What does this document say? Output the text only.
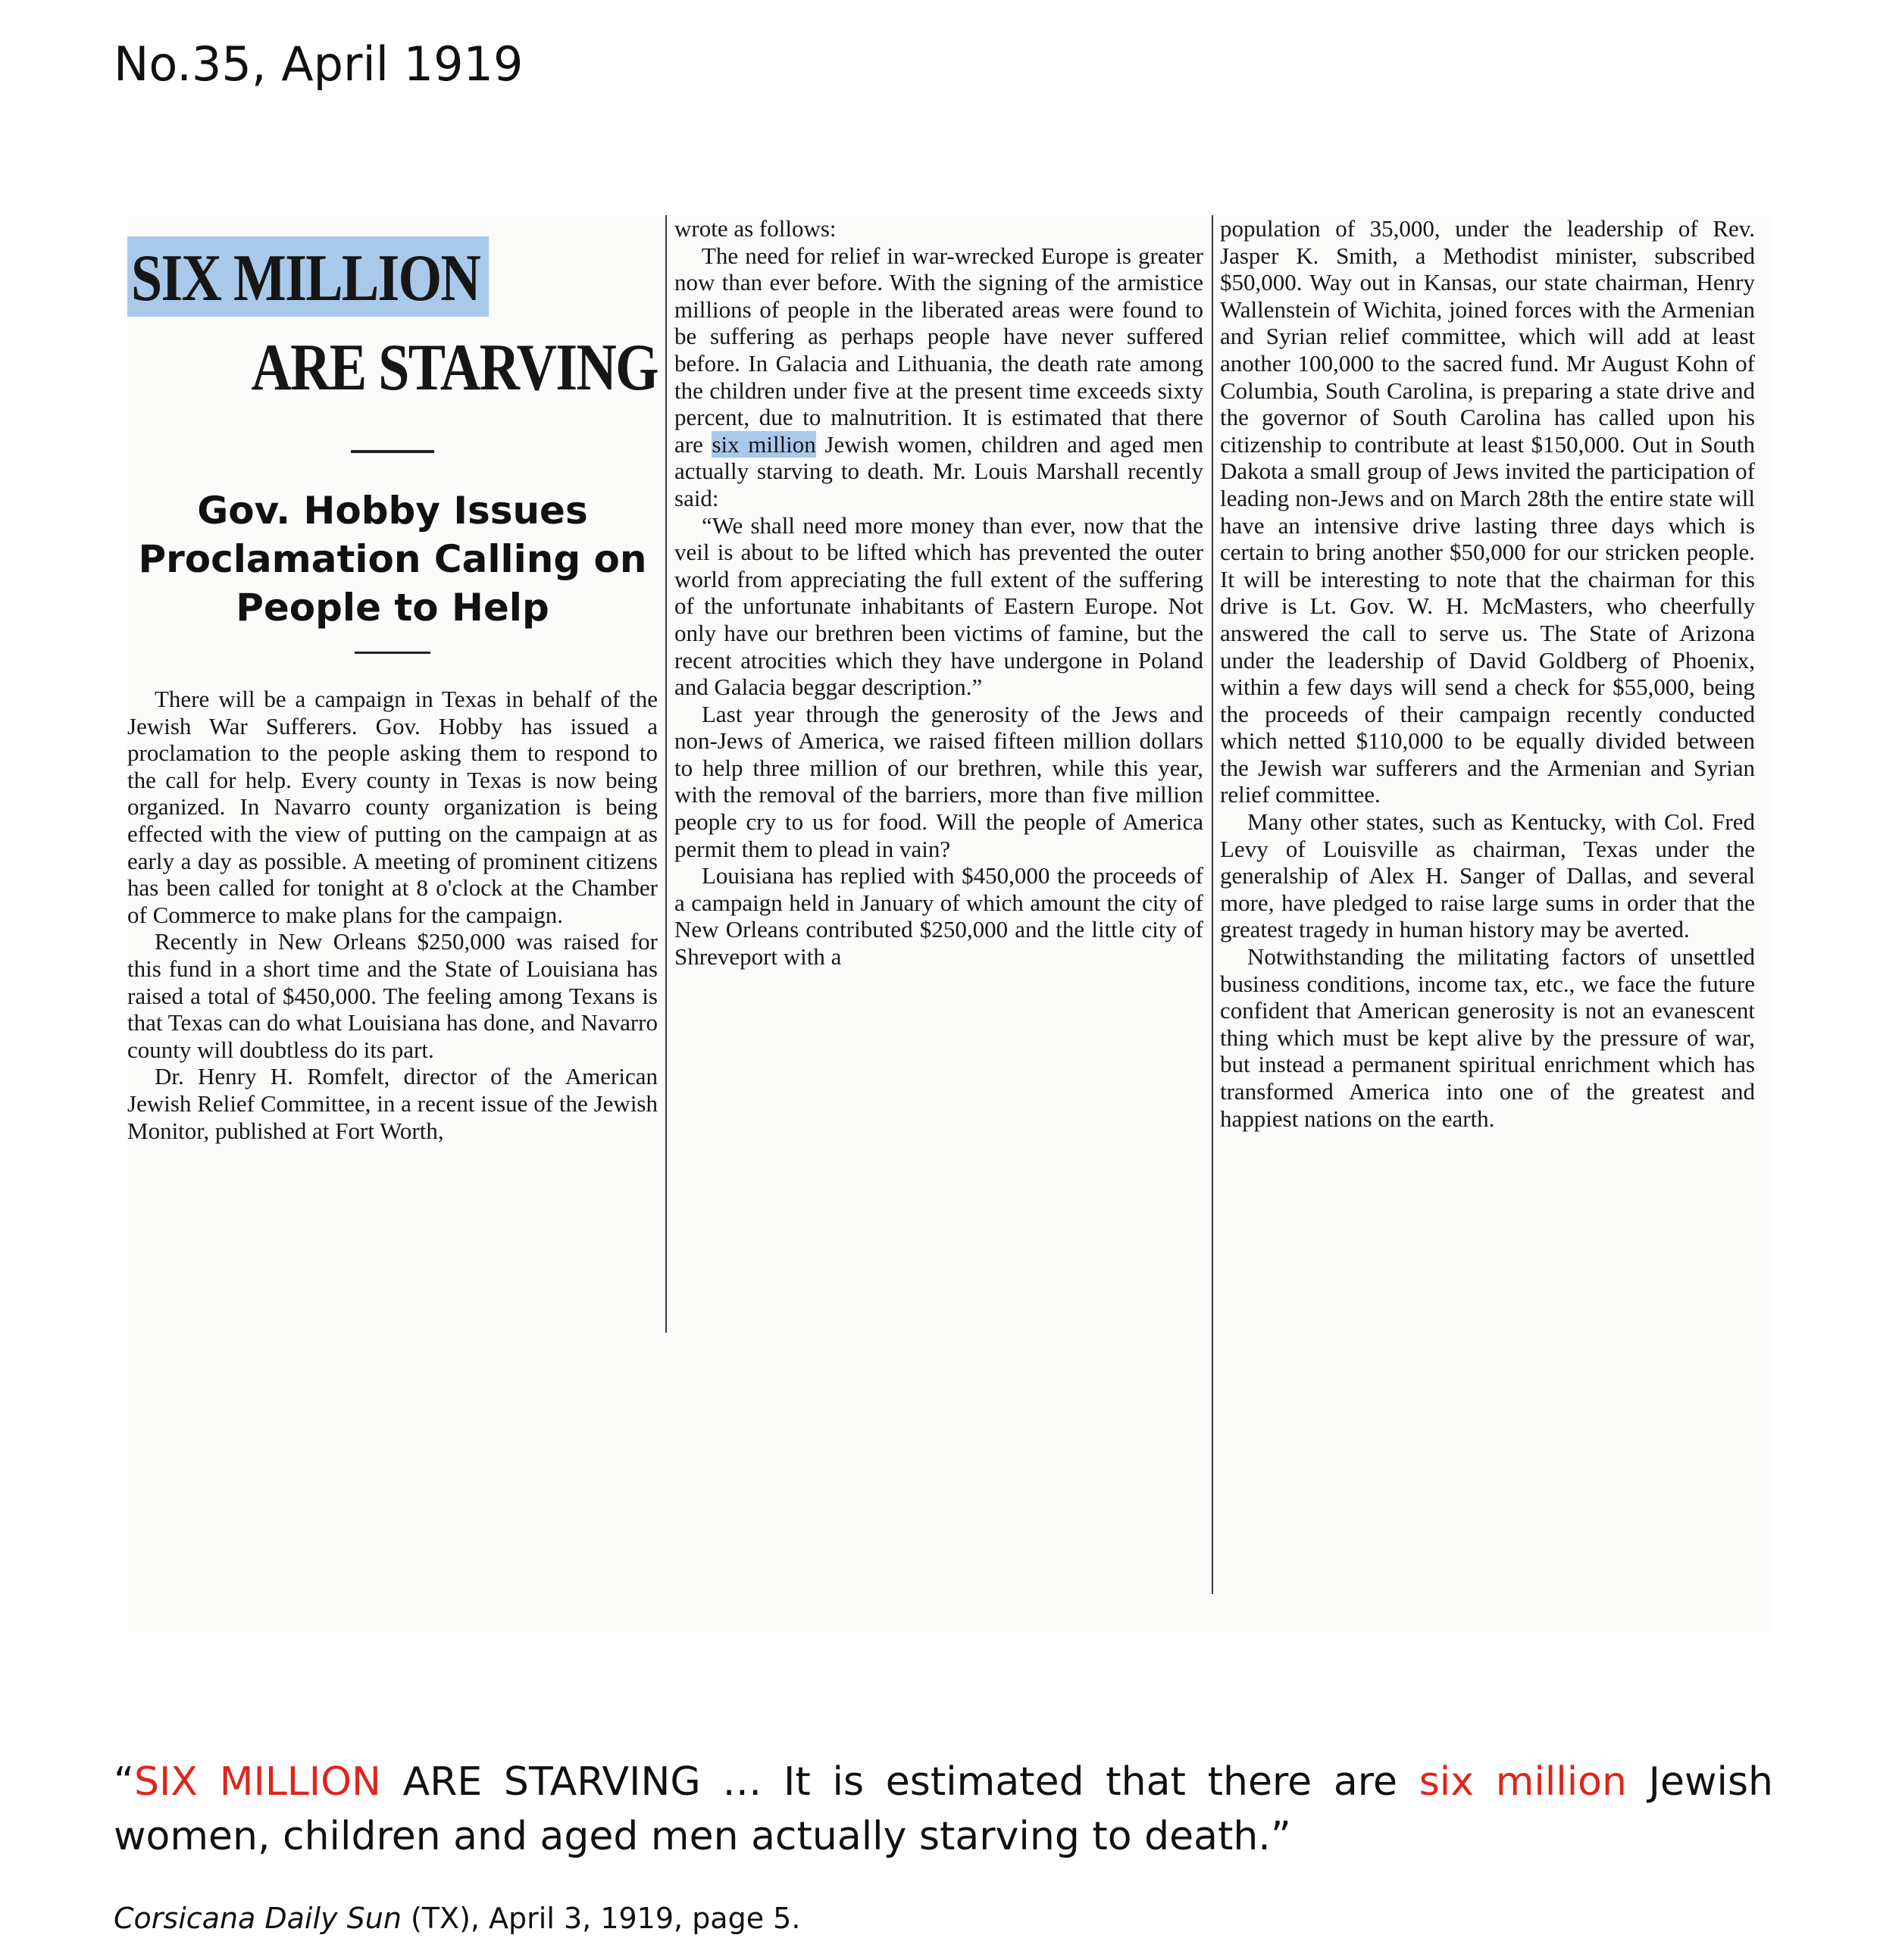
No.35, April 1919
SIX MILLION
ARE STARVING
Gov. Hobby Issues Proclamation Calling on People to Help

There will be a campaign in Texas in behalf of the Jewish War Sufferers. Gov. Hobby has issued a proclamation to the people asking them to respond to the call for help. Every county in Texas is now being organized. In Navarro county organization is being effected with the view of putting on the campaign at as early a day as possible. A meeting of prominent citizens has been called for tonight at 8 o'clock at the Chamber of Commerce to make plans for the campaign.

Recently in New Orleans $250,000 was raised for this fund in a short time and the State of Louisiana has raised a total of $450,000. The feeling among Texans is that Texas can do what Louisiana has done, and Navarro county will doubtless do its part.

Dr. Henry H. Romfelt, director of the American Jewish Relief Committee, in a recent issue of the Jewish Monitor, published at Fort Worth,

wrote as follows:

The need for relief in war-wrecked Europe is greater now than ever before. With the signing of the armistice millions of people in the liberated areas were found to be suffering as perhaps people have never suffered before. In Galacia and Lithuania, the death rate among the children under five at the present time exceeds sixty percent, due to malnutrition. It is estimated that there are six million Jewish women, children and aged men actually starving to death. Mr. Louis Marshall recently said:

“We shall need more money than ever, now that the veil is about to be lifted which has prevented the outer world from appreciating the full extent of the suffering of the unfortunate inhabitants of Eastern Europe. Not only have our brethren been victims of famine, but the recent atrocities which they have undergone in Poland and Galacia beggar description.”

Last year through the generosity of the Jews and non-Jews of America, we raised fifteen million dollars to help three million of our brethren, while this year, with the removal of the barriers, more than five million people cry to us for food. Will the people of America permit them to plead in vain?

Louisiana has replied with $450,000 the proceeds of a campaign held in January of which amount the city of New Orleans contributed $250,000 and the little city of Shreveport with a

population of 35,000, under the leadership of Rev. Jasper K. Smith, a Methodist minister, subscribed $50,000. Way out in Kansas, our state chairman, Henry Wallenstein of Wichita, joined forces with the Armenian and Syrian relief committee, which will add at least another 100,000 to the sacred fund. Mr August Kohn of Columbia, South Carolina, is preparing a state drive and the governor of South Carolina has called upon his citizenship to contribute at least $150,000. Out in South Dakota a small group of Jews invited the participation of leading non-Jews and on March 28th the entire state will have an intensive drive lasting three days which is certain to bring another $50,000 for our stricken people. It will be interesting to note that the chairman for this drive is Lt. Gov. W. H. McMasters, who cheerfully answered the call to serve us. The State of Arizona under the leadership of David Goldberg of Phoenix, within a few days will send a check for $55,000, being the proceeds of their campaign recently conducted which netted $110,000 to be equally divided between the Jewish war sufferers and the Armenian and Syrian relief committee.

Many other states, such as Kentucky, with Col. Fred Levy of Louisville as chairman, Texas under the generalship of Alex H. Sanger of Dallas, and several more, have pledged to raise large sums in order that the greatest tragedy in human history may be averted.

Notwithstanding the militating factors of unsettled business conditions, income tax, etc., we face the future confident that American generosity is not an evanescent thing which must be kept alive by the pressure of war, but instead a permanent spiritual enrichment which has transformed America into one of the greatest and happiest nations on the earth.

“SIX MILLION ARE STARVING … It is estimated that there are six million Jewish women, children and aged men actually starving to death.”
Corsicana Daily Sun (TX), April 3, 1919, page 5.
